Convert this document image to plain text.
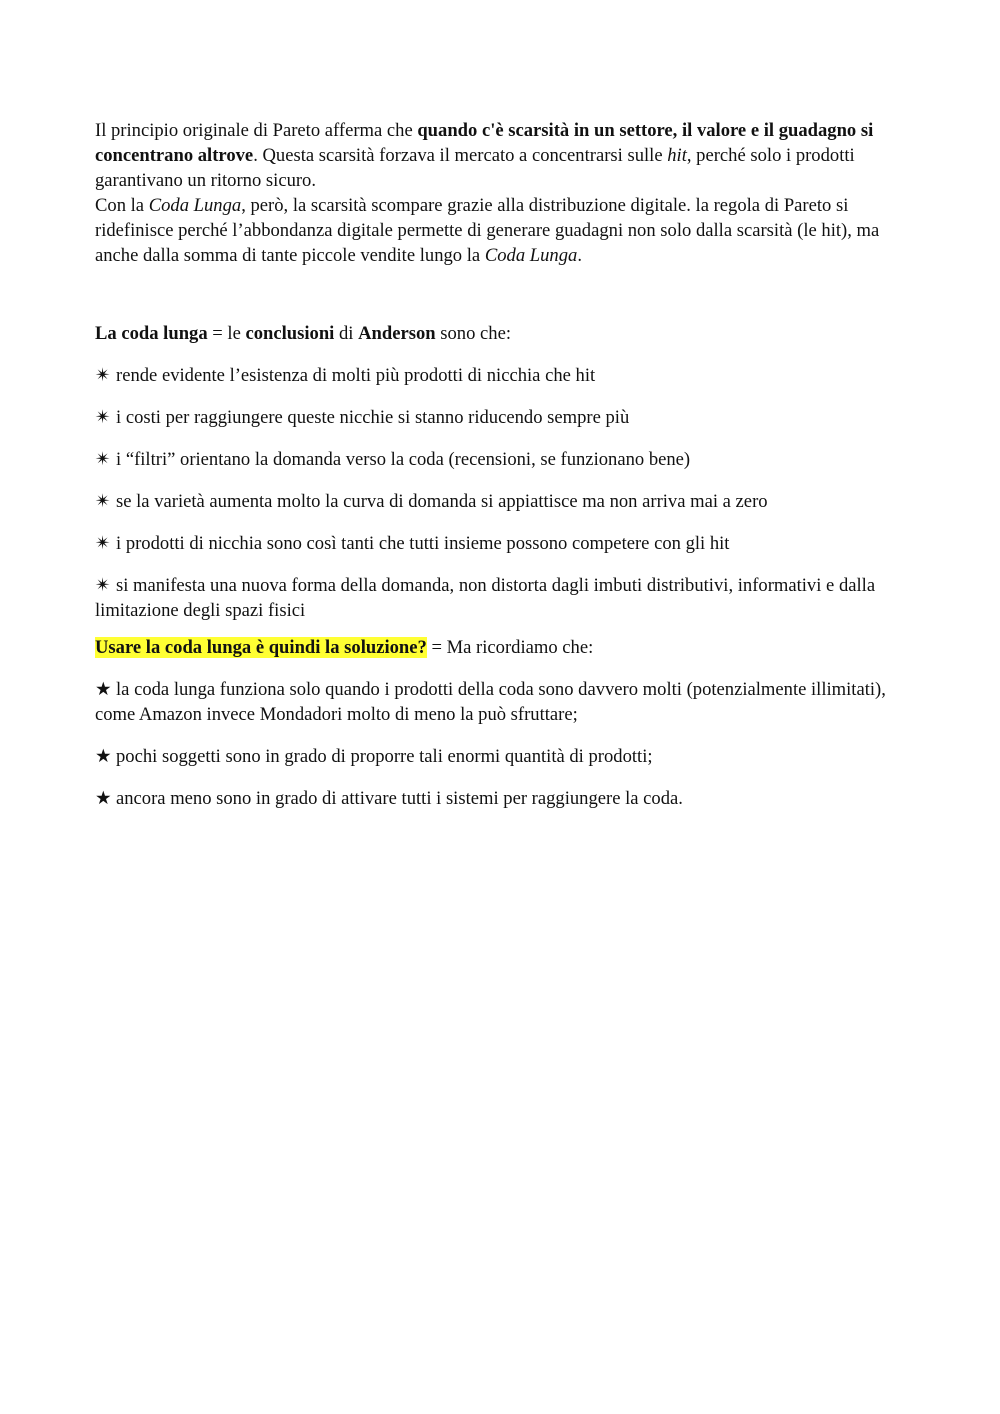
Il principio originale di Pareto afferma che quando c'è scarsità in un settore, il valore e il guadagno si concentrano altrove. Questa scarsità forzava il mercato a concentrarsi sulle hit, perché solo i prodotti garantivano un ritorno sicuro.
Con la Coda Lunga, però, la scarsità scompare grazie alla distribuzione digitale. la regola di Pareto si ridefinisce perché l’abbondanza digitale permette di generare guadagni non solo dalla scarsità (le hit), ma anche dalla somma di tante piccole vendite lungo la Coda Lunga.

La coda lunga = le conclusioni di Anderson sono che:

✴ rende evidente l’esistenza di molti più prodotti di nicchia che hit

✴ i costi per raggiungere queste nicchie si stanno riducendo sempre più

✴ i “filtri” orientano la domanda verso la coda (recensioni, se funzionano bene)

✴ se la varietà aumenta molto la curva di domanda si appiattisce ma non arriva mai a zero

✴ i prodotti di nicchia sono così tanti che tutti insieme possono competere con gli hit

✴ si manifesta una nuova forma della domanda, non distorta dagli imbuti distributivi, informativi e dalla limitazione degli spazi fisici

Usare la coda lunga è quindi la soluzione? = Ma ricordiamo che:

★ la coda lunga funziona solo quando i prodotti della coda sono davvero molti (potenzialmente illimitati), come Amazon invece Mondadori molto di meno la può sfruttare;

★ pochi soggetti sono in grado di proporre tali enormi quantità di prodotti;

★ ancora meno sono in grado di attivare tutti i sistemi per raggiungere la coda.
